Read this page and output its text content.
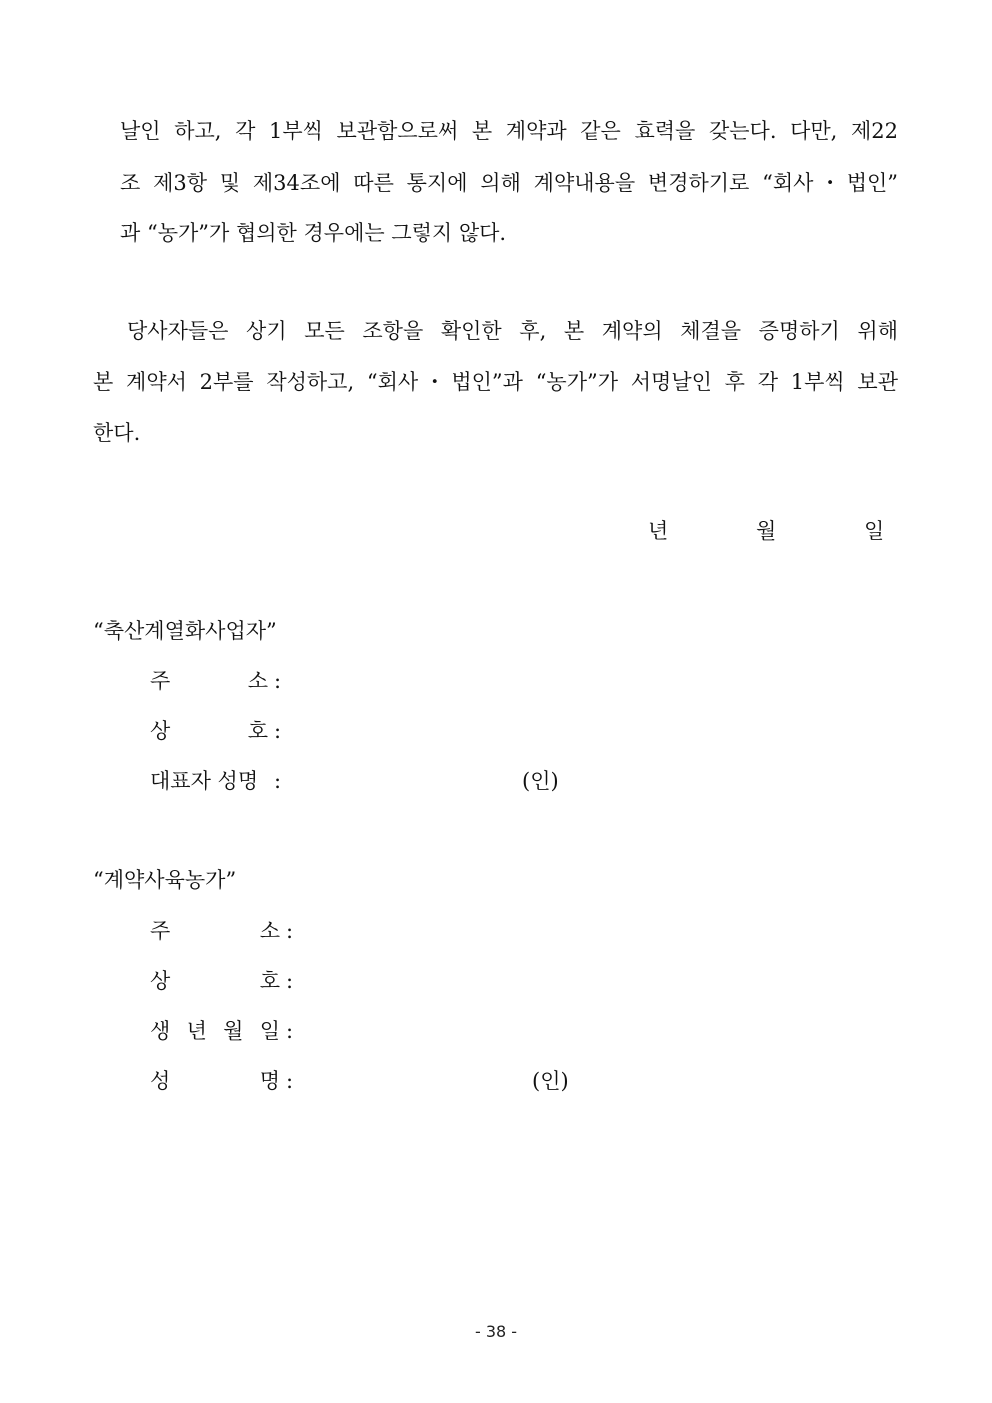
날인 하고, 각 1부씩 보관함으로써 본 계약과 같은 효력을 갖는다. 다만, 제22

조 제3항 및 제34조에 따른 통지에 의해 계약내용을 변경하기로 “회사・법인”

과 “농가”가 협의한 경우에는 그렇지 않다.

당사자들은 상기 모든 조항을 확인한 후, 본 계약의 체결을 증명하기 위해

본 계약서 2부를 작성하고, “회사・법인”과 “농가”가 서명날인 후 각 1부씩 보관

한다.

년	월	일
“축산계열화사업자”
주 소 :
상 호 :
대표자 성명 :	(인)
“계약사육농가”
주 소 :
상 호 :
생 년 월 일 :
성 명 :	(인)
- 38 -
